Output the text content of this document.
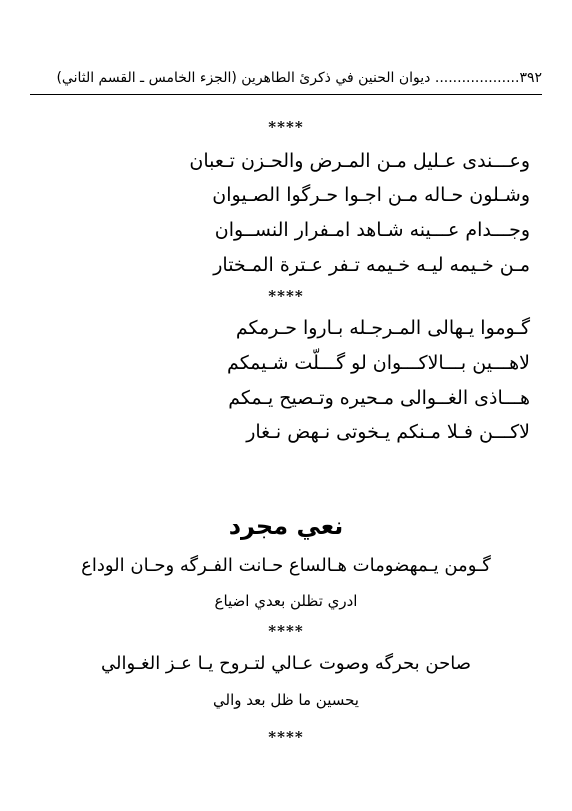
٣٩٢................... ديوان الحنين في ذكرئ الطاهرين (الجزء الخامس ـ القسم الثاني)
****
وعـــندى عـليل مـن المـرض والحـزن تـعبان
وشـلون حـاله مـن اجـوا حـرگوا الصـيوان
وجـــدام عـــينه شـاهد امـفرار النســوان
مـن خـيمه ليـه خـيمه تـفر عـترة المـختار
****
گـوموا يـهالى المـرجـله بـاروا حـرمكم
لاهـــين بـــالاكـــوان لو گـــلّت شـيمكم
هـــاذى الغــوالى مـحيره وتـصيح يـمكم
لاكـــن فـلا مـنكم يـخوتى نـهض نـغار
نعي مجرد
گـومن يـمهضومات هـالساع حـانت الفـرگه وحـان الوداع
ادري تظلن بعدي اضياع
****
صاحن بحرگه وصوت عـالي لتـروح يـا عـز الغـوالي
يحسين ما ظل بعد والي
****
